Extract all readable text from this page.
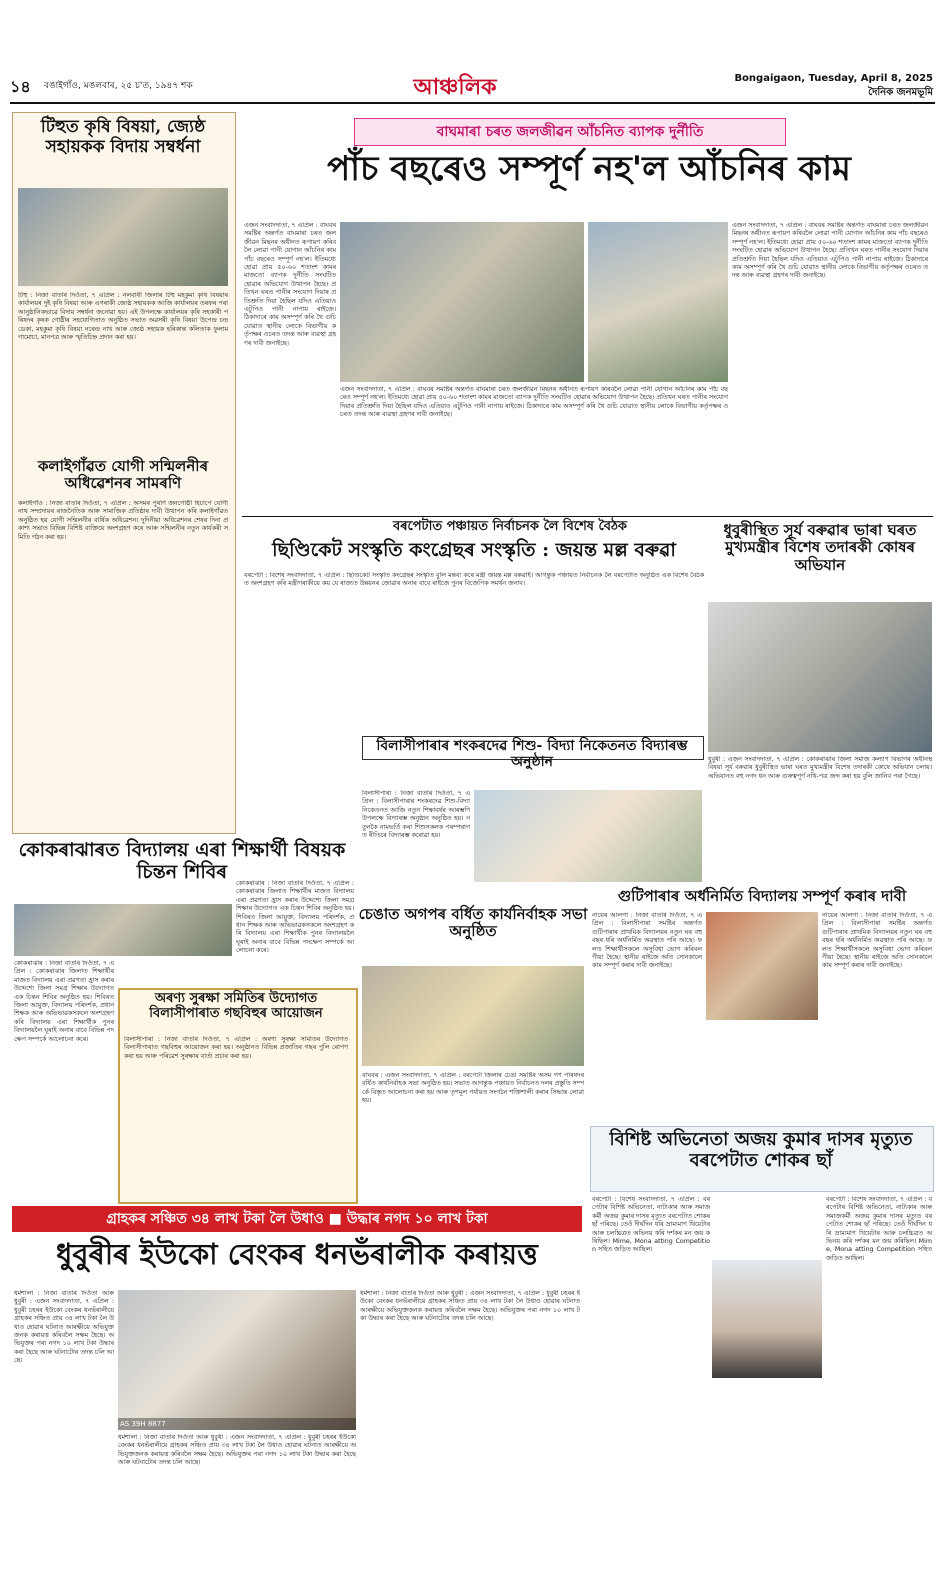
১৪ বঙাইগাঁও, মঙলবাৰ, ২৫ চ'ত, ১৯৪৭ শক	আঞ্চলিক	Bongaigaon, Tuesday, April 8, 2025
দৈনিক জনমভূমি
টিহুত কৃষি বিষয়া, জ্যেষ্ঠ সহায়কক বিদায় সম্বৰ্ধনা
টিহু : নিজা বাতৰি দিওঁতা, ৭ এপ্ৰিল : নলবাৰী জিলাৰ টিহু মহকুমা কৃষি বিষয়াৰ কাৰ্যালয়ৰ দুই কৃষি বিষয়া আৰু এগৰাকী জ্যেষ্ঠ সহায়কক আজি কাৰ্যালয়ৰ তৰফৰ পৰা আনুষ্ঠানিকভাৱে বিদায় সম্বৰ্ধনা জনোৱা হয়। এই উপলক্ষে কাৰ্যালয়ৰ কৃষি সহকাৰী পৰিষদৰ কৃষক গোষ্ঠীৰ সহযোগিতাত অনুষ্ঠিত সভাত অৱসৰী কৃষি বিষয়া উপেন্দ্ৰ চন্দ্ৰ ডেকা, মহকুমা কৃষি বিষয়া নৰেন্দ্ৰ নাথ আৰু জ্যেষ্ঠ সহায়ক হৰিকান্ত কলিতাক ফুলাম গামোচা, মানপত্ৰ আৰু স্মৃতিচিহ্ন প্ৰদান কৰা হয়।
কলাইগাঁৱত যোগী সন্মিলনীৰ অধিৱেশনৰ সামৰণি
কলাইগাঁও : নিজা বাতৰি দিওঁতা, ৭ এপ্ৰিল : অসমৰ পুৰণি জনগোষ্ঠী হিচাপে যোগী নাথ সম্প্ৰদায়ৰ ৰাজনৈতিক আৰু সামাজিক প্ৰতিষ্ঠাৰ দাবী উত্থাপন কৰি কলাইগাঁৱত অনুষ্ঠিত হয় যোগী সন্মিলনীৰ বাৰ্ষিক অধিৱেশন। দুদিনীয়া অধিৱেশনৰ শেষৰ দিনা প্ৰকাশ্য সভাত বিভিন্ন বিশিষ্ট ব্যক্তিয়ে অংশগ্ৰহণ কৰে আৰু সন্মিলনীৰ নতুন কাৰ্যকৰী সমিতি গঠন কৰা হয়।
কোকৰাঝাৰত বিদ্যালয় এৰা শিক্ষাৰ্থী বিষয়ক চিন্তন শিবিৰ
কোকৰাঝাৰ : নিজা বাতৰি দিওঁতা, ৭ এপ্ৰিল : কোকৰাঝাৰ জিলাত শিক্ষাৰ্থীৰ মাজত বিদ্যালয় এৰা প্ৰৱণতা হ্ৰাস কৰাৰ উদ্দেশ্যে জিলা সমগ্ৰ শিক্ষাৰ উদ্যোগত এক চিন্তন শিবিৰ অনুষ্ঠিত হয়। শিবিৰত জিলা আয়ুক্ত, বিদ্যালয় পৰিদৰ্শক, প্ৰধান শিক্ষক আৰু অভিভাৱকসকলে অংশগ্ৰহণ কৰি বিদ্যালয় এৰা শিক্ষাৰ্থীক পুনৰ বিদ্যালয়লৈ ঘূৰাই অনাৰ বাবে বিভিন্ন পদক্ষেপ সম্পৰ্কে আলোচনা কৰে।
কোকৰাঝাৰ : নিজা বাতৰি দিওঁতা, ৭ এপ্ৰিল : কোকৰাঝাৰ জিলাত শিক্ষাৰ্থীৰ মাজত বিদ্যালয় এৰা প্ৰৱণতা হ্ৰাস কৰাৰ উদ্দেশ্যে জিলা সমগ্ৰ শিক্ষাৰ উদ্যোগত এক চিন্তন শিবিৰ অনুষ্ঠিত হয়। শিবিৰত জিলা আয়ুক্ত, বিদ্যালয় পৰিদৰ্শক, প্ৰধান শিক্ষক আৰু অভিভাৱকসকলে অংশগ্ৰহণ কৰি বিদ্যালয় এৰা শিক্ষাৰ্থীক পুনৰ বিদ্যালয়লৈ ঘূৰাই অনাৰ বাবে বিভিন্ন পদক্ষেপ সম্পৰ্কে আলোচনা কৰে।
অৰণ্য সুৰক্ষা সমিতিৰ উদ্যোগত বিলাসীপাৰাত গছবিহুৰ আয়োজন
বিলাসীপাৰা : নিজা বাতৰি দিওঁতা, ৭ এপ্ৰিল : অৰণ্য সুৰক্ষা সমিতিৰ উদ্যোগত বিলাসীপাৰাত গছবিহুৰ আয়োজন কৰা হয়। অনুষ্ঠানত বিভিন্ন প্ৰজাতিৰ গছৰ পুলি ৰোপণ কৰা হয় আৰু পৰিৱেশ সুৰক্ষাৰ বাৰ্তা প্ৰচাৰ কৰা হয়।
বাঘমাৰা চৰত জলজীৱন আঁচনিত ব্যাপক দুৰ্নীতি
পাঁচ বছৰেও সম্পূৰ্ণ নহ'ল আঁচনিৰ কাম
এজন সংবাদদাতা, ৭ এপ্ৰিল : বাঘবৰ সমষ্টিৰ অন্তৰ্গত বাঘমাৰা চৰত জলজীৱন মিছনৰ অধীনত ৰূপায়ণ কৰিবলৈ লোৱা পানী যোগান আঁচনিৰ কাম পাঁচ বছৰেও সম্পূৰ্ণ নহ'ল। ইতিমধ্যে হোৱা প্ৰায় ৫০-৬০ শতাংশ কামৰ মাজতো ব্যাপক দুৰ্নীতি সংঘটিত হোৱাৰ অভিযোগ উত্থাপন হৈছে। প্ৰতিখন ঘৰত পানীৰ সংযোগ দিয়াৰ প্ৰতিশ্ৰুতি দিয়া হৈছিল যদিও এতিয়াও এটুপিও পানী নাপায় ৰাইজে। ঠিকাদাৰে কাম অসম্পূৰ্ণ কৰি থৈ গুচি যোৱাত স্থানীয় লোকে বিভাগীয় কৰ্তৃপক্ষৰ ওচৰত তদন্ত আৰু ব্যৱস্থা গ্ৰহণৰ দাবী জনাইছে।
এজন সংবাদদাতা, ৭ এপ্ৰিল : বাঘবৰ সমষ্টিৰ অন্তৰ্গত বাঘমাৰা চৰত জলজীৱন মিছনৰ অধীনত ৰূপায়ণ কৰিবলৈ লোৱা পানী যোগান আঁচনিৰ কাম পাঁচ বছৰেও সম্পূৰ্ণ নহ'ল। ইতিমধ্যে হোৱা প্ৰায় ৫০-৬০ শতাংশ কামৰ মাজতো ব্যাপক দুৰ্নীতি সংঘটিত হোৱাৰ অভিযোগ উত্থাপন হৈছে। প্ৰতিখন ঘৰত পানীৰ সংযোগ দিয়াৰ প্ৰতিশ্ৰুতি দিয়া হৈছিল যদিও এতিয়াও এটুপিও পানী নাপায় ৰাইজে। ঠিকাদাৰে কাম অসম্পূৰ্ণ কৰি থৈ গুচি যোৱাত স্থানীয় লোকে বিভাগীয় কৰ্তৃপক্ষৰ ওচৰত তদন্ত আৰু ব্যৱস্থা গ্ৰহণৰ দাবী জনাইছে।
এজন সংবাদদাতা, ৭ এপ্ৰিল : বাঘবৰ সমষ্টিৰ অন্তৰ্গত বাঘমাৰা চৰত জলজীৱন মিছনৰ অধীনত ৰূপায়ণ কৰিবলৈ লোৱা পানী যোগান আঁচনিৰ কাম পাঁচ বছৰেও সম্পূৰ্ণ নহ'ল। ইতিমধ্যে হোৱা প্ৰায় ৫০-৬০ শতাংশ কামৰ মাজতো ব্যাপক দুৰ্নীতি সংঘটিত হোৱাৰ অভিযোগ উত্থাপন হৈছে। প্ৰতিখন ঘৰত পানীৰ সংযোগ দিয়াৰ প্ৰতিশ্ৰুতি দিয়া হৈছিল যদিও এতিয়াও এটুপিও পানী নাপায় ৰাইজে। ঠিকাদাৰে কাম অসম্পূৰ্ণ কৰি থৈ গুচি যোৱাত স্থানীয় লোকে বিভাগীয় কৰ্তৃপক্ষৰ ওচৰত তদন্ত আৰু ব্যৱস্থা গ্ৰহণৰ দাবী জনাইছে।
বৰপেটাত পঞ্চায়ত নিৰ্বাচনক লৈ বিশেষ বৈঠক
ছিণ্ডিকেট সংস্কৃতি কংগ্ৰেছৰ সংস্কৃতি : জয়ন্ত মল্ল বৰুৱা
বৰপেটা : বিশেষ সংবাদদাতা, ৭ এপ্ৰিল : ছিণ্ডিকেট সংস্কৃতি কংগ্ৰেছৰ সংস্কৃতি বুলি মন্তব্য কৰে মন্ত্ৰী জয়ন্ত মল্ল বৰুৱাই। আগন্তুক পঞ্চায়ত নিৰ্বাচনক লৈ বৰপেটাত অনুষ্ঠিত এক বিশেষ বৈঠকত অংশগ্ৰহণ কৰি মন্ত্ৰীগৰাকীয়ে কয় যে ৰাজ্যত উন্নয়নৰ জোৱাৰ অনাৰ বাবে ৰাইজে পুনৰ বিজেপিক সমৰ্থন জনাব।
বিলাসীপাৰাৰ শংকৰদেৱ শিশু- বিদ্যা নিকেতনত বিদ্যাৰম্ভ অনুষ্ঠান
বিলাসীপাৰা : নিজা বাতৰি দিওঁতা, ৭ এপ্ৰিল : বিলাসীপাৰাৰ শংকৰদেৱ শিশু-বিদ্যা নিকেতনত আজি নতুন শিক্ষাবৰ্ষৰ আৰম্ভণি উপলক্ষে বিদ্যাৰম্ভ অনুষ্ঠান অনুষ্ঠিত হয়। নতুনকৈ নামভৰ্তি কৰা শিশুসকলক পৰম্পৰাগত ৰীতিৰে বিদ্যাৰম্ভ কৰোৱা হয়।
চেঙাত অগপৰ বৰ্ধিত কাৰ্যনিৰ্বাহক সভা অনুষ্ঠিত
বাঘবৰ : এজন সংবাদদাতা, ৭ এপ্ৰিল : বৰপেটা জিলাৰ চেঙা সমষ্টিৰ অসম গণ পৰিষদৰ বৰ্ধিত কাৰ্যনিৰ্বাহক সভা অনুষ্ঠিত হয়। সভাত আগন্তুক পঞ্চায়ত নিৰ্বাচনত দলৰ প্ৰস্তুতি সম্পৰ্কে বিস্তৃত আলোচনা কৰা হয় আৰু তৃণমূল পৰ্যায়ত সংগঠন শক্তিশালী কৰাৰ সিদ্ধান্ত লোৱা হয়।
ধুবুৰীস্থিত সূৰ্য বৰুৱাৰ ভাৰা ঘৰত মুখ্যমন্ত্ৰীৰ বিশেষ তদাৰকী কোষৰ অভিযান
ধুবুৰী : এজন সংবাদদাতা, ৭ এপ্ৰিল : কোকৰাঝাৰ জিলা সমাজ কল্যাণ বিভাগৰ অধীনস্থ বিষয়া সূৰ্য বৰুৱাৰ ধুবুৰীস্থিত ভাৰা ঘৰত মুখ্যমন্ত্ৰীৰ বিশেষ তদাৰকী কোষে অভিযান চলায়। অভিযানত বহু নগদ ধন আৰু গুৰুত্বপূৰ্ণ নথি-পত্ৰ জব্দ কৰা হয় বুলি জানিব পৰা গৈছে।
গুটিপাৰাৰ অৰ্ধনিৰ্মিত বিদ্যালয় সম্পূৰ্ণ কৰাৰ দাবী
নায়েৰ আলগা : নিজা বাতৰি দিওঁতা, ৭ এপ্ৰিল : বিলাসীপাৰা সমষ্টিৰ অন্তৰ্গত গুটিপাৰাৰ প্ৰাথমিক বিদ্যালয়ৰ নতুন ঘৰ বহু বছৰ ধৰি অৰ্ধনিৰ্মিত অৱস্থাত পৰি আছে। ফলত শিক্ষাৰ্থীসকলে অসুবিধা ভোগ কৰিবলগীয়া হৈছে। স্থানীয় ৰাইজে অতি সোনকালে কাম সম্পূৰ্ণ কৰাৰ দাবী জনাইছে।
নায়েৰ আলগা : নিজা বাতৰি দিওঁতা, ৭ এপ্ৰিল : বিলাসীপাৰা সমষ্টিৰ অন্তৰ্গত গুটিপাৰাৰ প্ৰাথমিক বিদ্যালয়ৰ নতুন ঘৰ বহু বছৰ ধৰি অৰ্ধনিৰ্মিত অৱস্থাত পৰি আছে। ফলত শিক্ষাৰ্থীসকলে অসুবিধা ভোগ কৰিবলগীয়া হৈছে। স্থানীয় ৰাইজে অতি সোনকালে কাম সম্পূৰ্ণ কৰাৰ দাবী জনাইছে।
বিশিষ্ট অভিনেতা অজয় কুমাৰ দাসৰ মৃত্যুত বৰপেটাত শোকৰ ছাঁ
বৰপেটা : বিশেষ সংবাদদাতা, ৭ এপ্ৰিল : বৰপেটাৰ বিশিষ্ট অভিনেতা, নাট্যকাৰ আৰু সমাজকৰ্মী অজয় কুমাৰ দাসৰ মৃত্যুত বৰপেটাত শোকৰ ছাঁ পৰিছে। তেওঁ দীৰ্ঘদিন ধৰি ভ্ৰাম্যমাণ থিয়েটাৰ আৰু চলচ্চিত্ৰত অভিনয় কৰি দৰ্শকৰ মন জয় কৰিছিল। Mime, Mona atting Competition সহিত জড়িত আছিল।
বৰপেটা : বিশেষ সংবাদদাতা, ৭ এপ্ৰিল : বৰপেটাৰ বিশিষ্ট অভিনেতা, নাট্যকাৰ আৰু সমাজকৰ্মী অজয় কুমাৰ দাসৰ মৃত্যুত বৰপেটাত শোকৰ ছাঁ পৰিছে। তেওঁ দীৰ্ঘদিন ধৰি ভ্ৰাম্যমাণ থিয়েটাৰ আৰু চলচ্চিত্ৰত অভিনয় কৰি দৰ্শকৰ মন জয় কৰিছিল। Mime, Mona atting Competition সহিত জড়িত আছিল।
গ্ৰাহকৰ সঞ্চিত ৩৪ লাখ টকা লৈ উধাও ■ উদ্ধাৰ নগদ ১০ লাখ টকা
ধুবুৰীৰ ইউকো বেংকৰ ধনভঁৰালীক কৰায়ত্ত
ধৰ্মশালা : নিজা বাতৰি দিওঁতা আৰু ধুবুৰী : এজন সংবাদদাতা, ৭ এপ্ৰিল : ধুবুৰী চহৰৰ ইউকো বেংকৰ ধনভঁৰালীয়ে গ্ৰাহকৰ সঞ্চিত প্ৰায় ৩৪ লাখ টকা লৈ উধাও হোৱাৰ ঘটনাত আৰক্ষীয়ে অভিযুক্তজনক কৰায়ত্ত কৰিবলৈ সক্ষম হৈছে। অভিযুক্তৰ পৰা নগদ ১০ লাখ টকা উদ্ধাৰ কৰা হৈছে আৰু ঘটনাটোৰ তদন্ত চলি আছে।
AS 39H 8877
ধৰ্মশালা : নিজা বাতৰি দিওঁতা আৰু ধুবুৰী : এজন সংবাদদাতা, ৭ এপ্ৰিল : ধুবুৰী চহৰৰ ইউকো বেংকৰ ধনভঁৰালীয়ে গ্ৰাহকৰ সঞ্চিত প্ৰায় ৩৪ লাখ টকা লৈ উধাও হোৱাৰ ঘটনাত আৰক্ষীয়ে অভিযুক্তজনক কৰায়ত্ত কৰিবলৈ সক্ষম হৈছে। অভিযুক্তৰ পৰা নগদ ১০ লাখ টকা উদ্ধাৰ কৰা হৈছে আৰু ঘটনাটোৰ তদন্ত চলি আছে।
ধৰ্মশালা : নিজা বাতৰি দিওঁতা আৰু ধুবুৰী : এজন সংবাদদাতা, ৭ এপ্ৰিল : ধুবুৰী চহৰৰ ইউকো বেংকৰ ধনভঁৰালীয়ে গ্ৰাহকৰ সঞ্চিত প্ৰায় ৩৪ লাখ টকা লৈ উধাও হোৱাৰ ঘটনাত আৰক্ষীয়ে অভিযুক্তজনক কৰায়ত্ত কৰিবলৈ সক্ষম হৈছে। অভিযুক্তৰ পৰা নগদ ১০ লাখ টকা উদ্ধাৰ কৰা হৈছে আৰু ঘটনাটোৰ তদন্ত চলি আছে।
